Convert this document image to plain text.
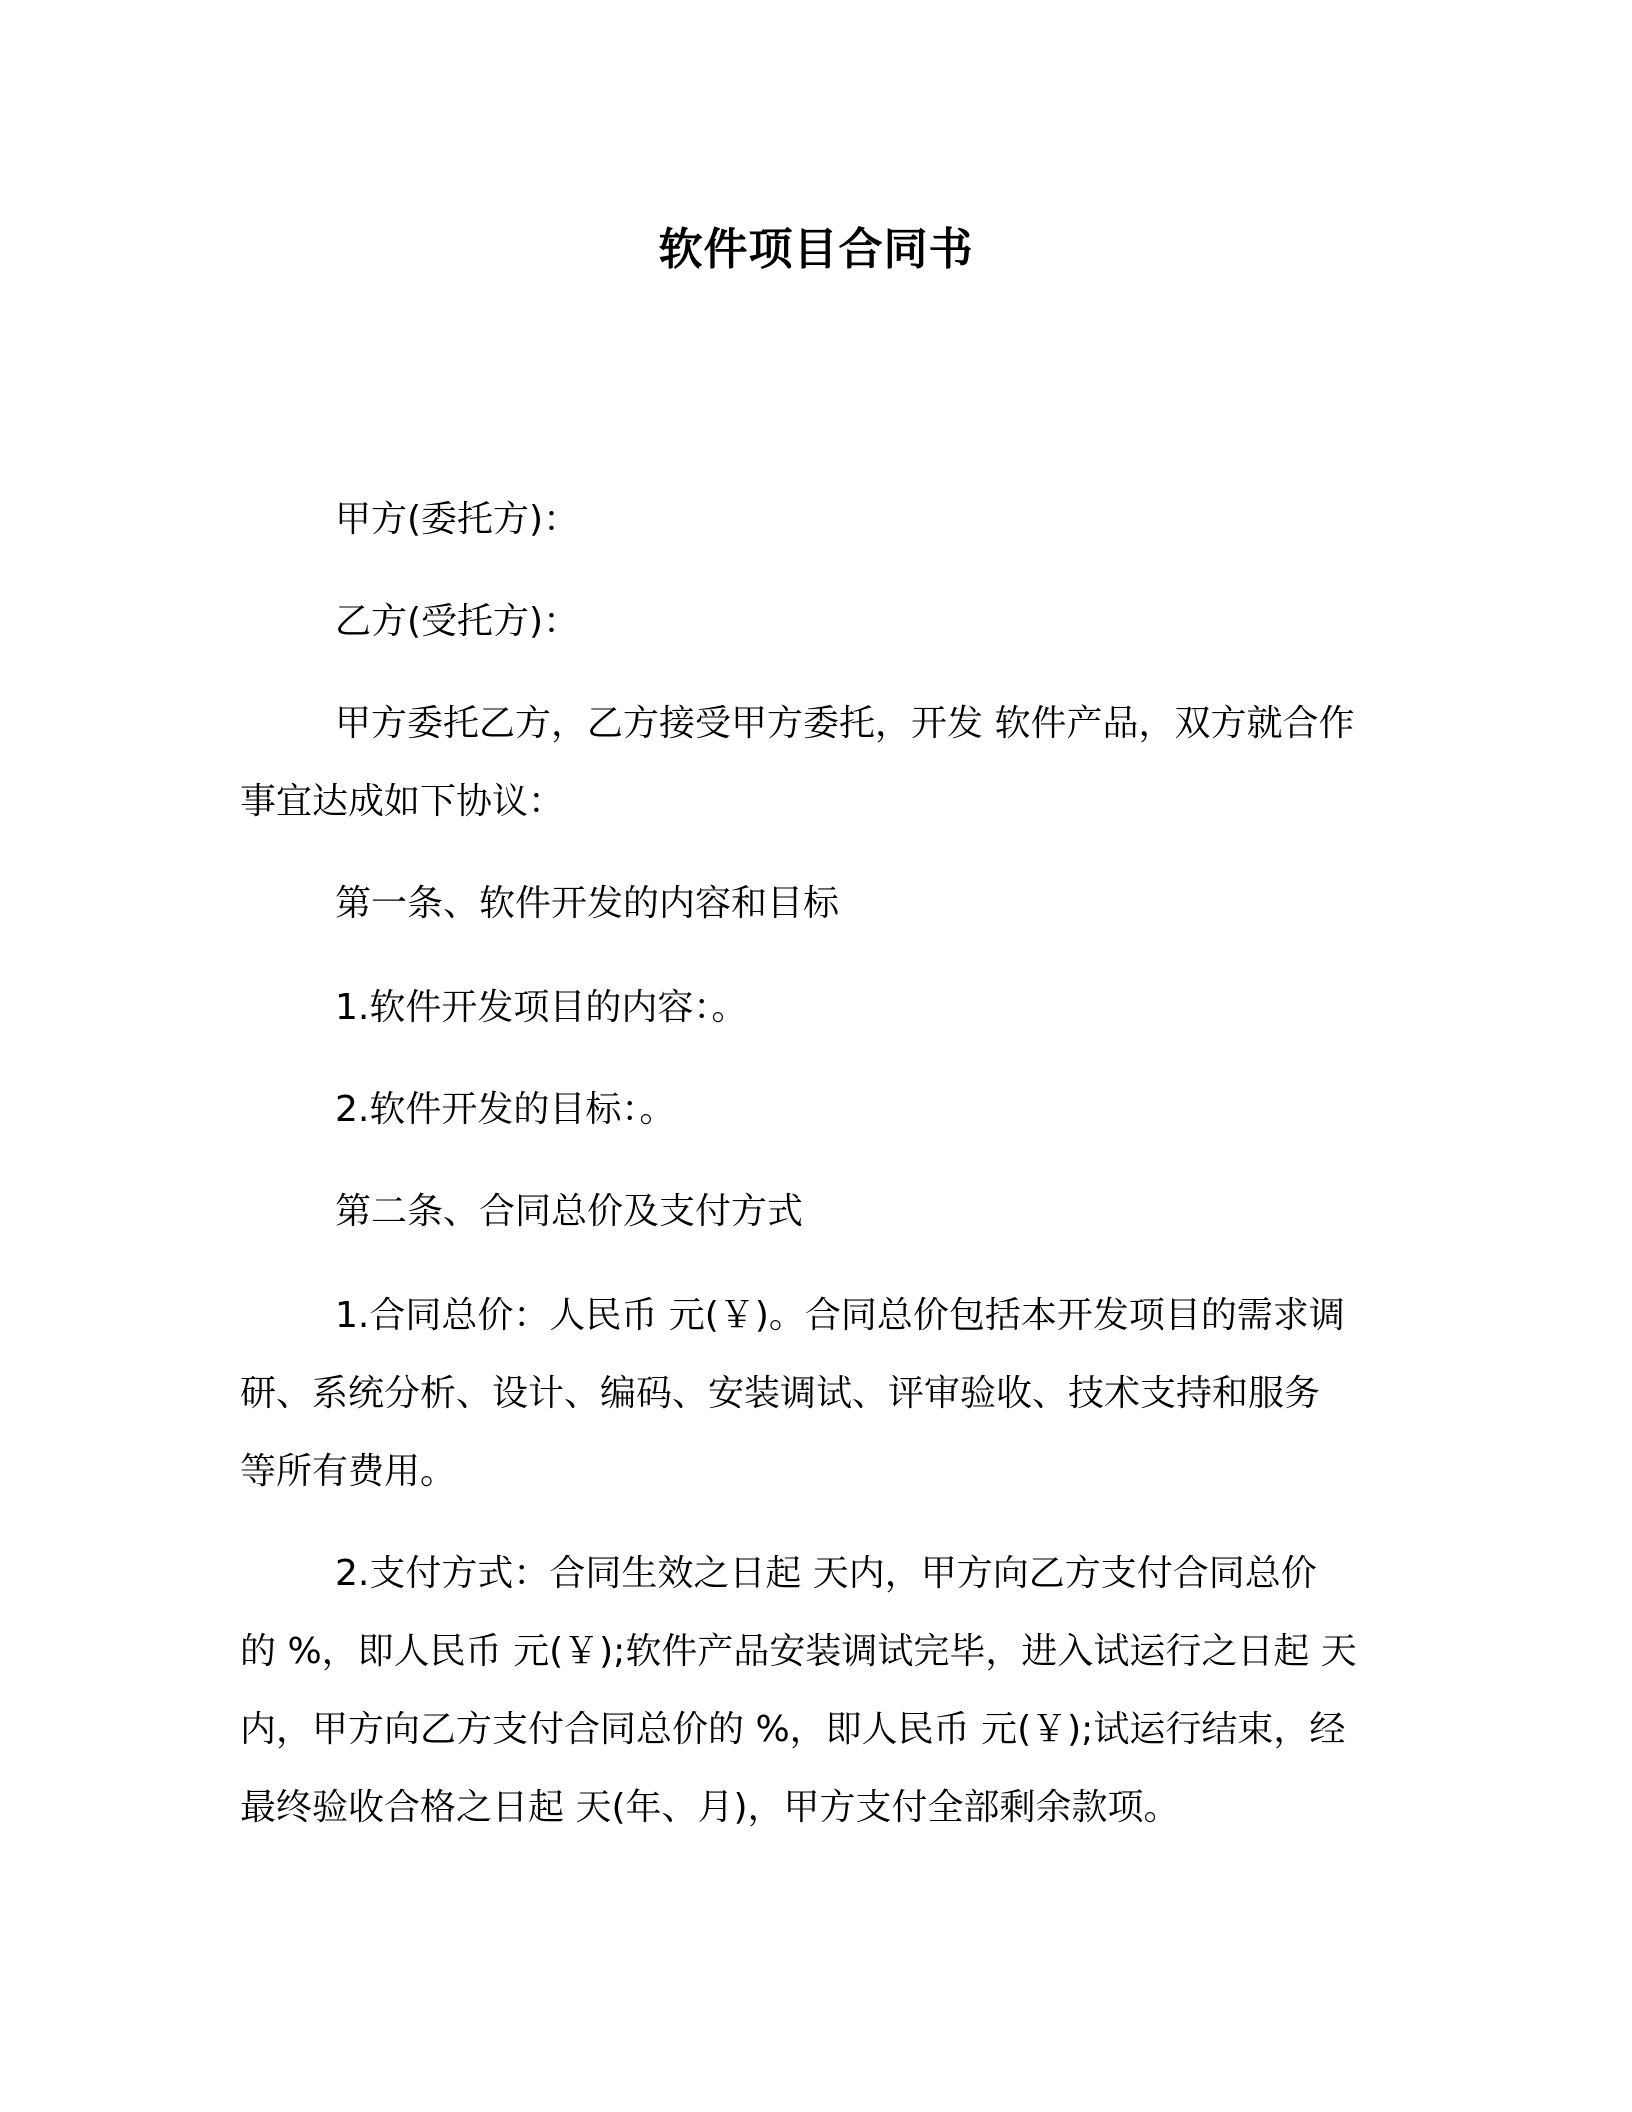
软件项目合同书
甲方(委托方)：
乙方(受托方)：
甲方委托乙方，乙方接受甲方委托，开发 软件产品，双方就合作
事宜达成如下协议：
第一条、软件开发的内容和目标
1.软件开发项目的内容：。
2.软件开发的目标：。
第二条、合同总价及支付方式
1.合同总价：人民币 元(￥)。合同总价包括本开发项目的需求调
研、系统分析、设计、编码、安装调试、评审验收、技术支持和服务
等所有费用。
2.支付方式：合同生效之日起 天内，甲方向乙方支付合同总价
的 %，即人民币 元(￥);软件产品安装调试完毕，进入试运行之日起 天
内，甲方向乙方支付合同总价的 %，即人民币 元(￥);试运行结束，经
最终验收合格之日起 天(年、月)，甲方支付全部剩余款项。
